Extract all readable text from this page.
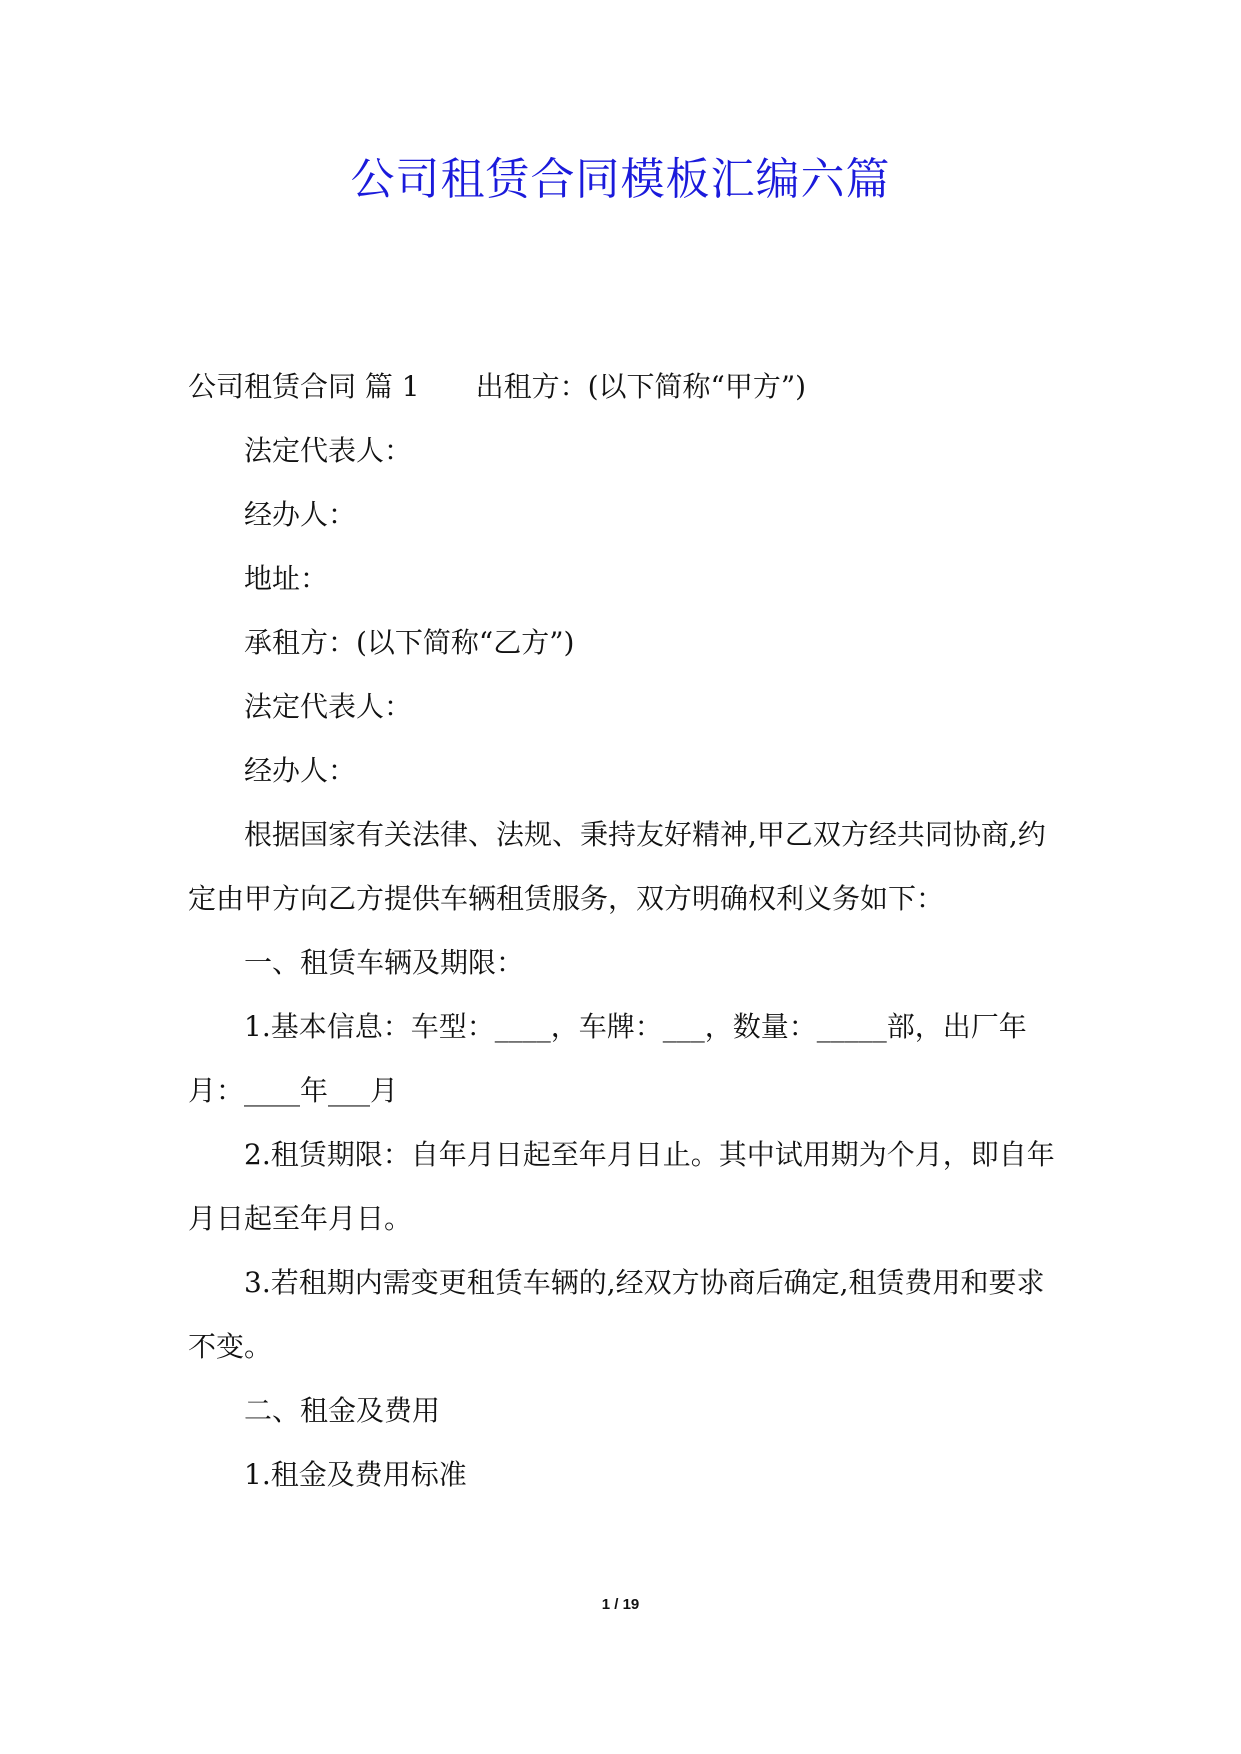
公司租赁合同模板汇编六篇

公司租赁合同 篇 1 出租方：(以下简称“甲方”)

法定代表人：

经办人：

地址：

承租方：(以下简称“乙方”)

法定代表人：

经办人：

根据国家有关法律、法规、秉持友好精神,甲乙双方经共同协商,约定由甲方向乙方提供车辆租赁服务，双方明确权利义务如下：

一、租赁车辆及期限：

1.基本信息：车型：____，车牌：___，数量：_____部，出厂年月：____年___月

2.租赁期限：自年月日起至年月日止。其中试用期为个月，即自年月日起至年月日。

3.若租期内需变更租赁车辆的,经双方协商后确定,租赁费用和要求不变。

二、租金及费用

1.租金及费用标准

1 / 19
